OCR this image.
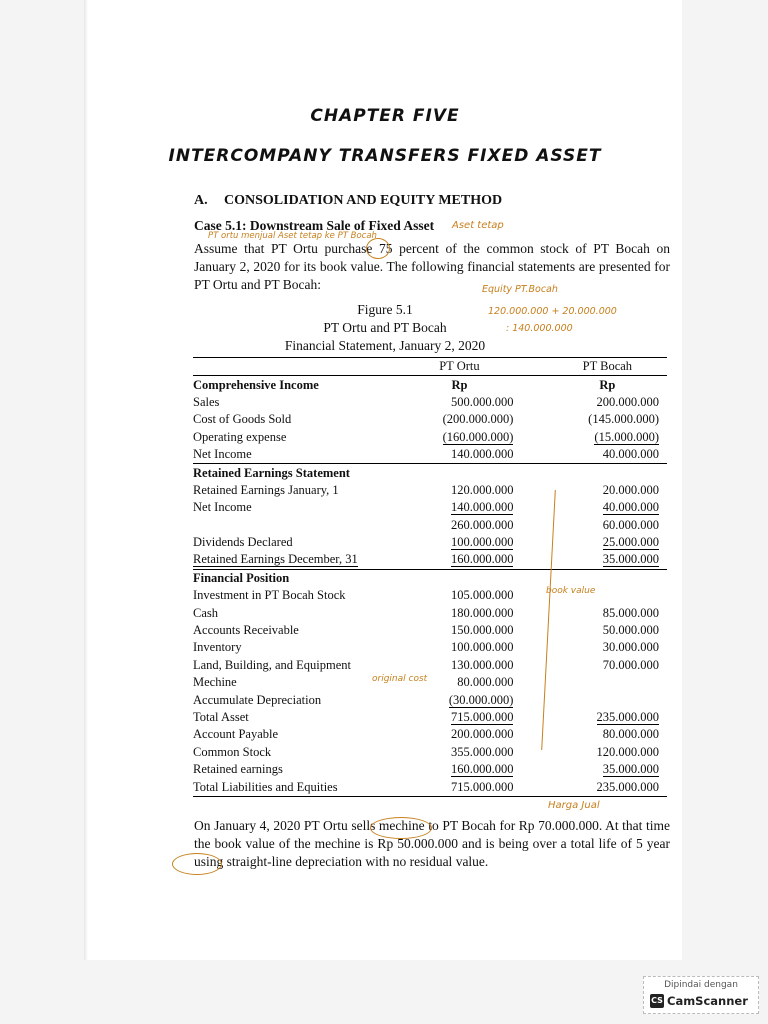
CHAPTER FIVE
INTERCOMPANY TRANSFERS FIXED ASSET
A. CONSOLIDATION AND EQUITY METHOD
Case 5.1: Downstream Sale of Fixed Asset Aset tetap
PT ortu menjual Aset tetap ke PT Bocah
Assume that PT Ortu purchase 75 percent of the common stock of PT Bocah on January 2, 2020 for its book value. The following financial statements are presented for PT Ortu and PT Bocah:	Equity PT.Bocah
120.000.000 + 20.000.000
: 140.000.000
Figure 5.1
PT Ortu and PT Bocah
Financial Statement, January 2, 2020
	PT Ortu		PT Bocah
Comprehensive Income	Rp		Rp
Sales	500.000.000		200.000.000
Cost of Goods Sold	(200.000.000)		(145.000.000)
Operating expense	(160.000.000)		(15.000.000)
Net Income	140.000.000		40.000.000
Retained Earnings Statement			
Retained Earnings January, 1	120.000.000		20.000.000
Net Income	140.000.000		40.000.000
	260.000.000		60.000.000
Dividends Declared	100.000.000		25.000.000
Retained Earnings December, 31	160.000.000		35.000.000
Financial Position			
Investment in PT Bocah Stock	105.000.000		
Cash	180.000.000		85.000.000
Accounts Receivable	150.000.000		50.000.000
Inventory	100.000.000		30.000.000
Land, Building, and Equipment	130.000.000		70.000.000
Mechine	80.000.000		
Accumulate Depreciation	(30.000.000)		
Total Asset	715.000.000		235.000.000
Account Payable	200.000.000		80.000.000
Common Stock	355.000.000		120.000.000
Retained earnings	160.000.000		35.000.000
Total Liabilities and Equities	715.000.000		235.000.000
book value
original cost
Harga Jual
On January 4, 2020 PT Ortu sells mechine to PT Bocah for Rp 70.000.000. At that time the book value of the mechine is Rp 50.000.000 and is being over a total life of 5 year using straight-line depreciation with no residual value.
Dipindai dengan
CS CamScanner
